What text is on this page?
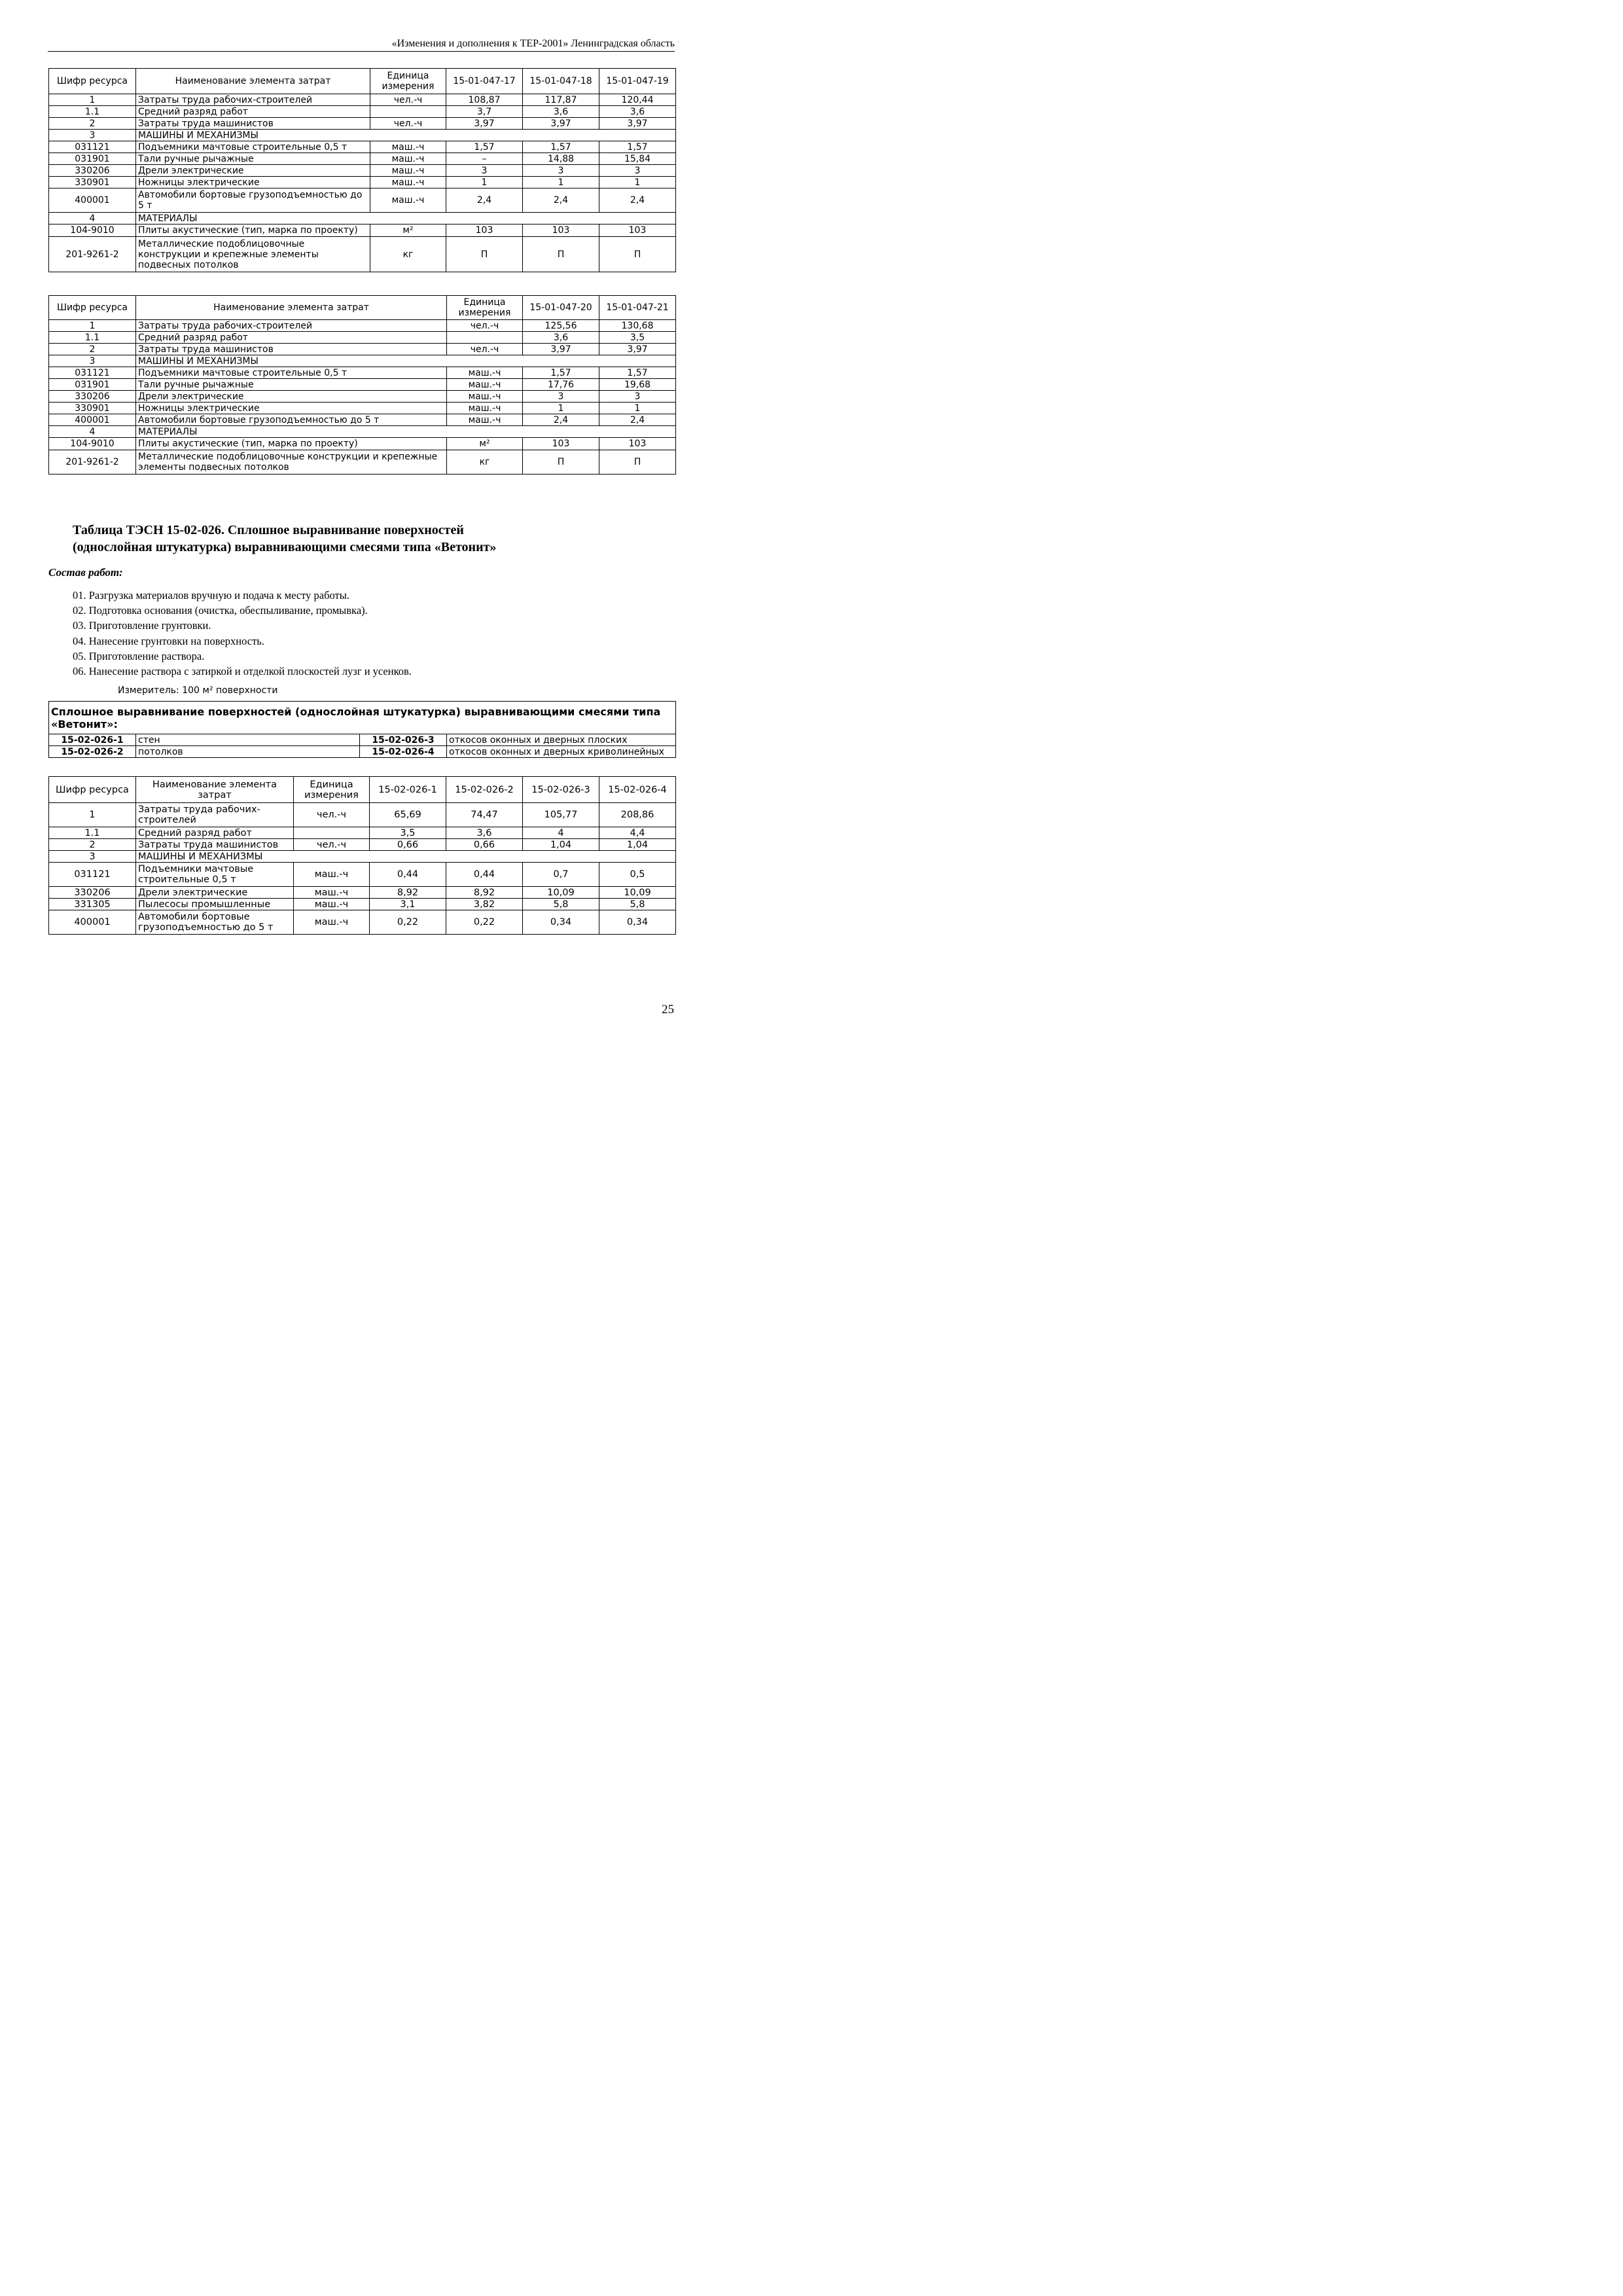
«Изменения и дополнения к ТЕР-2001» Ленинградская область
Шифр ресурса	Наименование элемента затрат	Единица измерения	15-01-047-17	15-01-047-18	15-01-047-19
1	Затраты труда рабочих-строителей	чел.-ч	108,87	117,87	120,44
1.1	Средний разряд работ		3,7	3,6	3,6
2	Затраты труда машинистов	чел.-ч	3,97	3,97	3,97
3	МАШИНЫ И МЕХАНИЗМЫ				
031121	Подъемники мачтовые строительные 0,5 т	маш.-ч	1,57	1,57	1,57
031901	Тали ручные рычажные	маш.-ч	–	14,88	15,84
330206	Дрели электрические	маш.-ч	3	3	3
330901	Ножницы электрические	маш.-ч	1	1	1
400001	Автомобили бортовые грузоподъемностью до 5 т	маш.-ч	2,4	2,4	2,4
4	МАТЕРИАЛЫ				
104-9010	Плиты акустические (тип, марка по проекту)	м²	103	103	103
201-9261-2	Металлические подоблицовочные конструкции и крепежные элементы подвесных потолков	кг	П	П	П
Шифр ресурса	Наименование элемента затрат	Единица измерения	15-01-047-20	15-01-047-21
1	Затраты труда рабочих-строителей	чел.-ч	125,56	130,68
1.1	Средний разряд работ		3,6	3,5
2	Затраты труда машинистов	чел.-ч	3,97	3,97
3	МАШИНЫ И МЕХАНИЗМЫ			
031121	Подъемники мачтовые строительные 0,5 т	маш.-ч	1,57	1,57
031901	Тали ручные рычажные	маш.-ч	17,76	19,68
330206	Дрели электрические	маш.-ч	3	3
330901	Ножницы электрические	маш.-ч	1	1
400001	Автомобили бортовые грузоподъемностью до 5 т	маш.-ч	2,4	2,4
4	МАТЕРИАЛЫ			
104-9010	Плиты акустические (тип, марка по проекту)	м²	103	103
201-9261-2	Металлические подоблицовочные конструкции и крепежные элементы подвесных потолков	кг	П	П
Таблица ТЭСН 15-02-026. Сплошное выравнивание поверхностей
(однослойная штукатурка) выравнивающими смесями типа «Ветонит»
Состав работ:
01. Разгрузка материалов вручную и подача к месту работы.
02. Подготовка основания (очистка, обеспыливание, промывка).
03. Приготовление грунтовки.
04. Нанесение грунтовки на поверхность.
05. Приготовление раствора.
06. Нанесение раствора с затиркой и отделкой плоскостей лузг и усенков.
Измеритель: 100 м² поверхности
Сплошное выравнивание поверхностей (однослойная штукатурка) выравнивающими смесями типа «Ветонит»:			
15-02-026-1	стен	15-02-026-3	откосов оконных и дверных плоских
15-02-026-2	потолков	15-02-026-4	откосов оконных и дверных криволинейных
Шифр ресурса	Наименование элемента затрат	Единица измерения	15-02-026-1	15-02-026-2	15-02-026-3	15-02-026-4
1	Затраты труда рабочих-строителей	чел.-ч	65,69	74,47	105,77	208,86
1.1	Средний разряд работ		3,5	3,6	4	4,4
2	Затраты труда машинистов	чел.-ч	0,66	0,66	1,04	1,04
3	МАШИНЫ И МЕХАНИЗМЫ					
031121	Подъемники мачтовые строительные 0,5 т	маш.-ч	0,44	0,44	0,7	0,5
330206	Дрели электрические	маш.-ч	8,92	8,92	10,09	10,09
331305	Пылесосы промышленные	маш.-ч	3,1	3,82	5,8	5,8
400001	Автомобили бортовые грузоподъемностью до 5 т	маш.-ч	0,22	0,22	0,34	0,34
25
